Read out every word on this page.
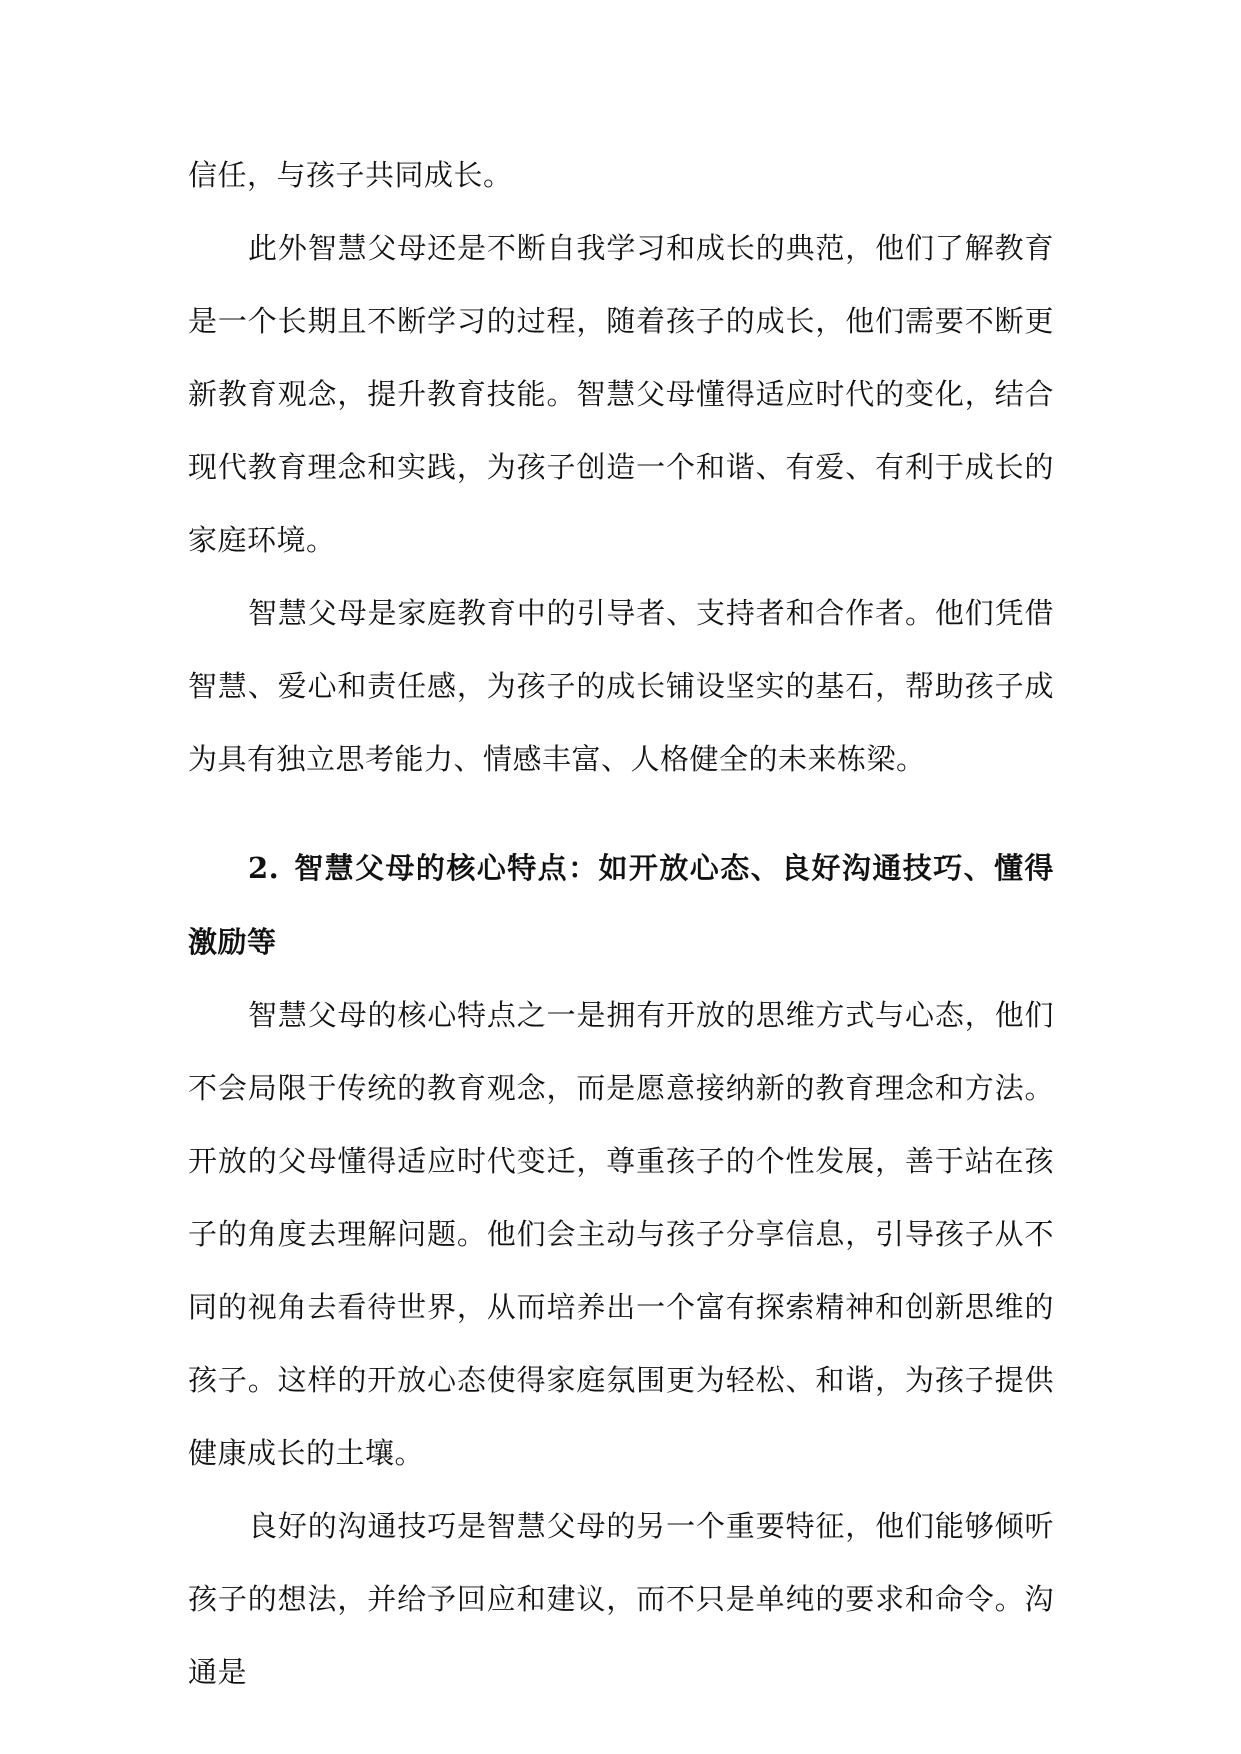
信任，与孩子共同成长。

此外智慧父母还是不断自我学习和成长的典范，他们了解教育是一个长期且不断学习的过程，随着孩子的成长，他们需要不断更新教育观念，提升教育技能。智慧父母懂得适应时代的变化，结合现代教育理念和实践，为孩子创造一个和谐、有爱、有利于成长的家庭环境。

智慧父母是家庭教育中的引导者、支持者和合作者。他们凭借智慧、爱心和责任感，为孩子的成长铺设坚实的基石，帮助孩子成为具有独立思考能力、情感丰富、人格健全的未来栋梁。

2. 智慧父母的核心特点：如开放心态、良好沟通技巧、懂得激励等

智慧父母的核心特点之一是拥有开放的思维方式与心态，他们不会局限于传统的教育观念，而是愿意接纳新的教育理念和方法。开放的父母懂得适应时代变迁，尊重孩子的个性发展，善于站在孩子的角度去理解问题。他们会主动与孩子分享信息，引导孩子从不同的视角去看待世界，从而培养出一个富有探索精神和创新思维的孩子。这样的开放心态使得家庭氛围更为轻松、和谐，为孩子提供健康成长的土壤。

良好的沟通技巧是智慧父母的另一个重要特征，他们能够倾听孩子的想法，并给予回应和建议，而不只是单纯的要求和命令。沟通是
